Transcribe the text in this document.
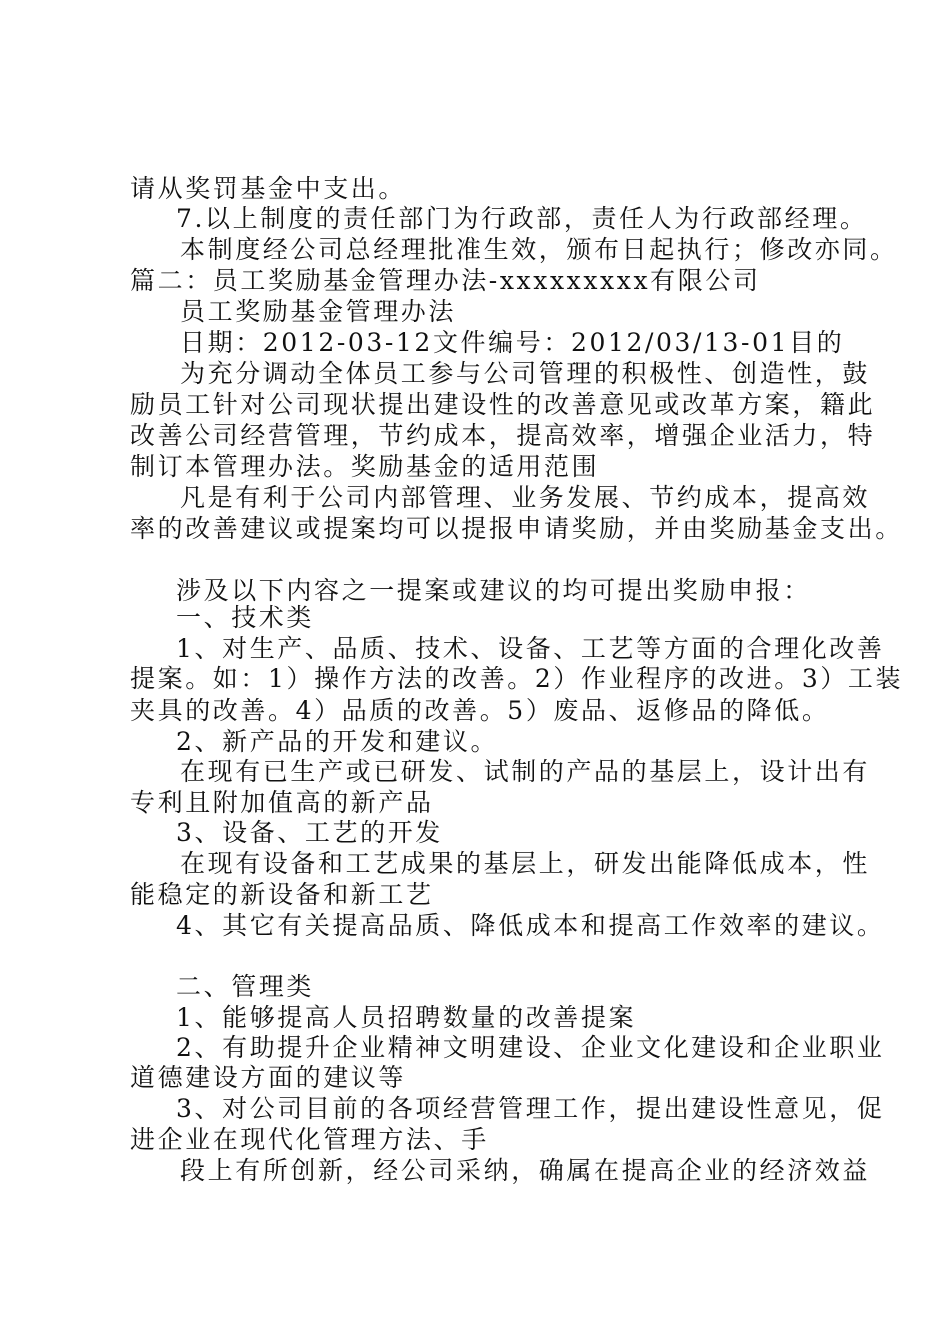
请从奖罚基金中支出。
7.以上制度的责任部门为行政部，责任人为行政部经理。
本制度经公司总经理批准生效，颁布日起执行；修改亦同。
篇二：员工奖励基金管理办法-xxxxxxxxx有限公司
员工奖励基金管理办法
日期：2012-03-12文件编号：2012/03/13-01目的
为充分调动全体员工参与公司管理的积极性、创造性，鼓
励员工针对公司现状提出建设性的改善意见或改革方案，籍此
改善公司经营管理，节约成本，提高效率，增强企业活力，特
制订本管理办法。奖励基金的适用范围
凡是有利于公司内部管理、业务发展、节约成本，提高效
率的改善建议或提案均可以提报申请奖励，并由奖励基金支出。
涉及以下内容之一提案或建议的均可提出奖励申报：
一、技术类
1、对生产、品质、技术、设备、工艺等方面的合理化改善
提案。如：1）操作方法的改善。2）作业程序的改进。3）工装
夹具的改善。4）品质的改善。5）废品、返修品的降低。
2、新产品的开发和建议。
在现有已生产或已研发、试制的产品的基层上，设计出有
专利且附加值高的新产品
3、设备、工艺的开发
在现有设备和工艺成果的基层上，研发出能降低成本，性
能稳定的新设备和新工艺
4、其它有关提高品质、降低成本和提高工作效率的建议。
二、管理类
1、能够提高人员招聘数量的改善提案
2、有助提升企业精神文明建设、企业文化建设和企业职业
道德建设方面的建议等
3、对公司目前的各项经营管理工作，提出建设性意见，促
进企业在现代化管理方法、手
段上有所创新，经公司采纳，确属在提高企业的经济效益
